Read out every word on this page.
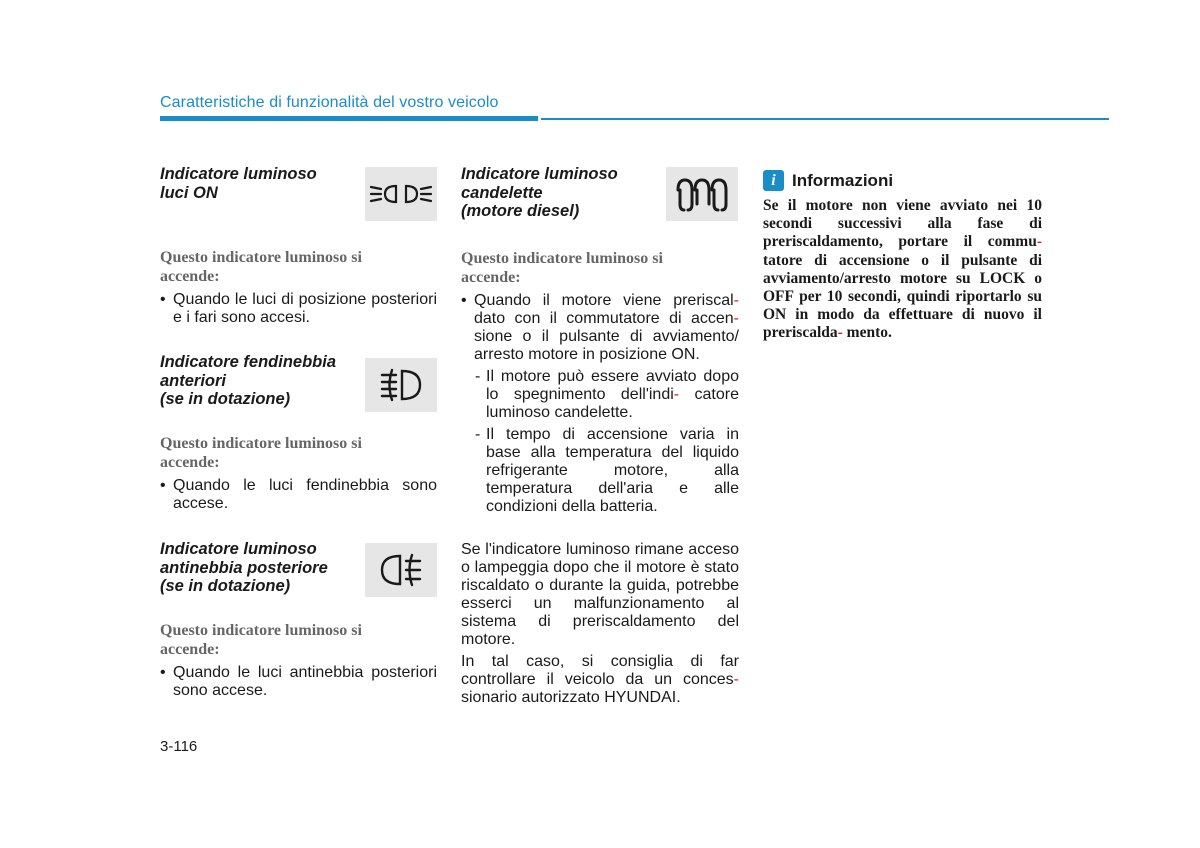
Caratteristiche di funzionalità del vostro veicolo
Indicatore luminoso
luci ON
Questo indicatore luminoso si
accende:
• Quando le luci di posizione posteriori e i fari sono accesi.
Indicatore fendinebbia
anteriori
(se in dotazione)
Questo indicatore luminoso si
accende:
• Quando le luci fendinebbia sono accese.
Indicatore luminoso
antinebbia posteriore
(se in dotazione)
Questo indicatore luminoso si
accende:
• Quando le luci antinebbia posteriori sono accese.
Indicatore luminoso
candelette
(motore diesel)
Questo indicatore luminoso si
accende:
• Quando il motore viene preriscal- dato con il commutatore di accen- sione o il pulsante di avviamento/ arresto motore in posizione ON.
- Il motore può essere avviato dopo lo spegnimento dell'indi- catore luminoso candelette.
- Il tempo di accensione varia in base alla temperatura del liquido refrigerante motore, alla temperatura dell'aria e alle condizioni della batteria.
Se l'indicatore luminoso rimane acceso o lampeggia dopo che il motore è stato riscaldato o durante la guida, potrebbe esserci un malfunzionamento al sistema di preriscaldamento del motore.
In tal caso, si consiglia di far controllare il veicolo da un conces- sionario autorizzato HYUNDAI.
i Informazioni
Se il motore non viene avviato nei 10 secondi successivi alla fase di preriscaldamento, portare il commu- tatore di accensione o il pulsante di avviamento/arresto motore su LOCK o OFF per 10 secondi, quindi riportarlo su ON in modo da effettuare di nuovo il preriscalda- mento.
3-116
